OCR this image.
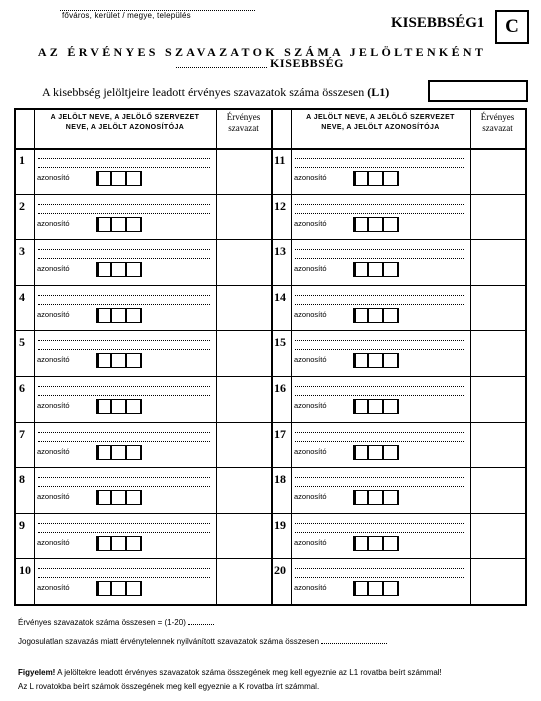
főváros, kerület / megye, település	KISEBBSÉG1	C
AZ ÉRVÉNYES SZAVAZATOK SZÁMA JELÖLTENKÉNT
KISEBBSÉG
A kisebbség jelöltjeire leadott érvényes szavazatok száma összesen (L1)
A JELÖLT NEVE, A JELÖLŐ SZERVEZET NEVE, A JELÖLT AZONOSÍTÓJA
A JELÖLT NEVE, A JELÖLŐ SZERVEZET NEVE, A JELÖLT AZONOSÍTÓJA
Érvényes szavazat
Érvényes szavazat
1
azonosító
11
azonosító
2
azonosító
12
azonosító
3
azonosító
13
azonosító
4
azonosító
14
azonosító
5
azonosító
15
azonosító
6
azonosító
16
azonosító
7
azonosító
17
azonosító
8
azonosító
18
azonosító
9
azonosító
19
azonosító
10
azonosító
20
azonosító
Érvényes szavazatok száma összesen = (1-20)
Jogosulatlan szavazás miatt érvénytelennek nyilvánított szavazatok száma összesen
Figyelem! A jelöltekre leadott érvényes szavazatok száma összegének meg kell egyeznie az L1 rovatba beírt számmal!
Az L rovatokba beírt számok összegének meg kell egyeznie a K rovatba írt számmal.
